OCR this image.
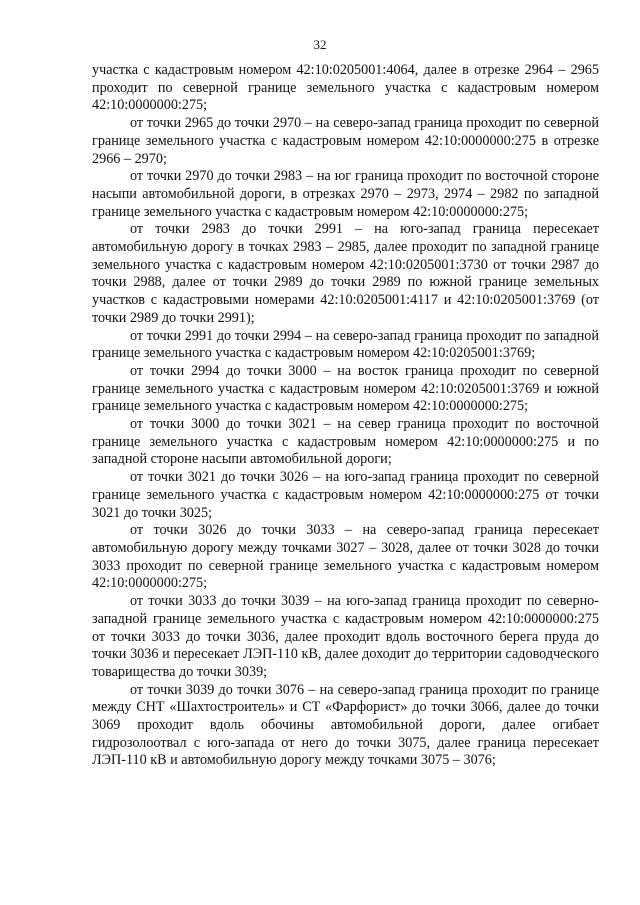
32

участка с кадастровым номером 42:10:0205001:4064, далее в отрезке 2964 – 2965 проходит по северной границе земельного участка с кадастровым номером 42:10:0000000:275;

от точки 2965 до точки 2970 – на северо-запад граница проходит по северной границе земельного участка с кадастровым номером 42:10:0000000:275 в отрезке 2966 – 2970;

от точки 2970 до точки 2983 – на юг граница проходит по восточной стороне насыпи автомобильной дороги, в отрезках 2970 – 2973, 2974 – 2982 по западной границе земельного участка с кадастровым номером 42:10:0000000:275;

от точки 2983 до точки 2991 – на юго-запад граница пересекает автомобильную дорогу в точках 2983 – 2985, далее проходит по западной границе земельного участка с кадастровым номером 42:10:0205001:3730 от точки 2987 до точки 2988, далее от точки 2989 до точки 2989 по южной границе земельных участков с кадастровыми номерами 42:10:0205001:4117 и 42:10:0205001:3769 (от точки 2989 до точки 2991);

от точки 2991 до точки 2994 – на северо-запад граница проходит по западной границе земельного участка с кадастровым номером 42:10:0205001:3769;

от точки 2994 до точки 3000 – на восток граница проходит по северной границе земельного участка с кадастровым номером 42:10:0205001:3769 и южной границе земельного участка с кадастровым номером 42:10:0000000:275;

от точки 3000 до точки 3021 – на север граница проходит по восточной границе земельного участка с кадастровым номером 42:10:0000000:275 и по западной стороне насыпи автомобильной дороги;

от точки 3021 до точки 3026 – на юго-запад граница проходит по северной границе земельного участка с кадастровым номером 42:10:0000000:275 от точки 3021 до точки 3025;

от точки 3026 до точки 3033 – на северо-запад граница пересекает автомобильную дорогу между точками 3027 – 3028, далее от точки 3028 до точки 3033 проходит по северной границе земельного участка с кадастровым номером 42:10:0000000:275;

от точки 3033 до точки 3039 – на юго-запад граница проходит по северно-западной границе земельного участка с кадастровым номером 42:10:0000000:275 от точки 3033 до точки 3036, далее проходит вдоль восточного берега пруда до точки 3036 и пересекает ЛЭП-110 кВ, далее доходит до территории садоводческого товарищества до точки 3039;

от точки 3039 до точки 3076 – на северо-запад граница проходит по границе между СНТ «Шахтостроитель» и СТ «Фарфорист» до точки 3066, далее до точки 3069 проходит вдоль обочины автомобильной дороги, далее огибает гидрозолоотвал с юго-запада от него до точки 3075, далее граница пересекает ЛЭП-110 кВ и автомобильную дорогу между точками 3075 – 3076;
